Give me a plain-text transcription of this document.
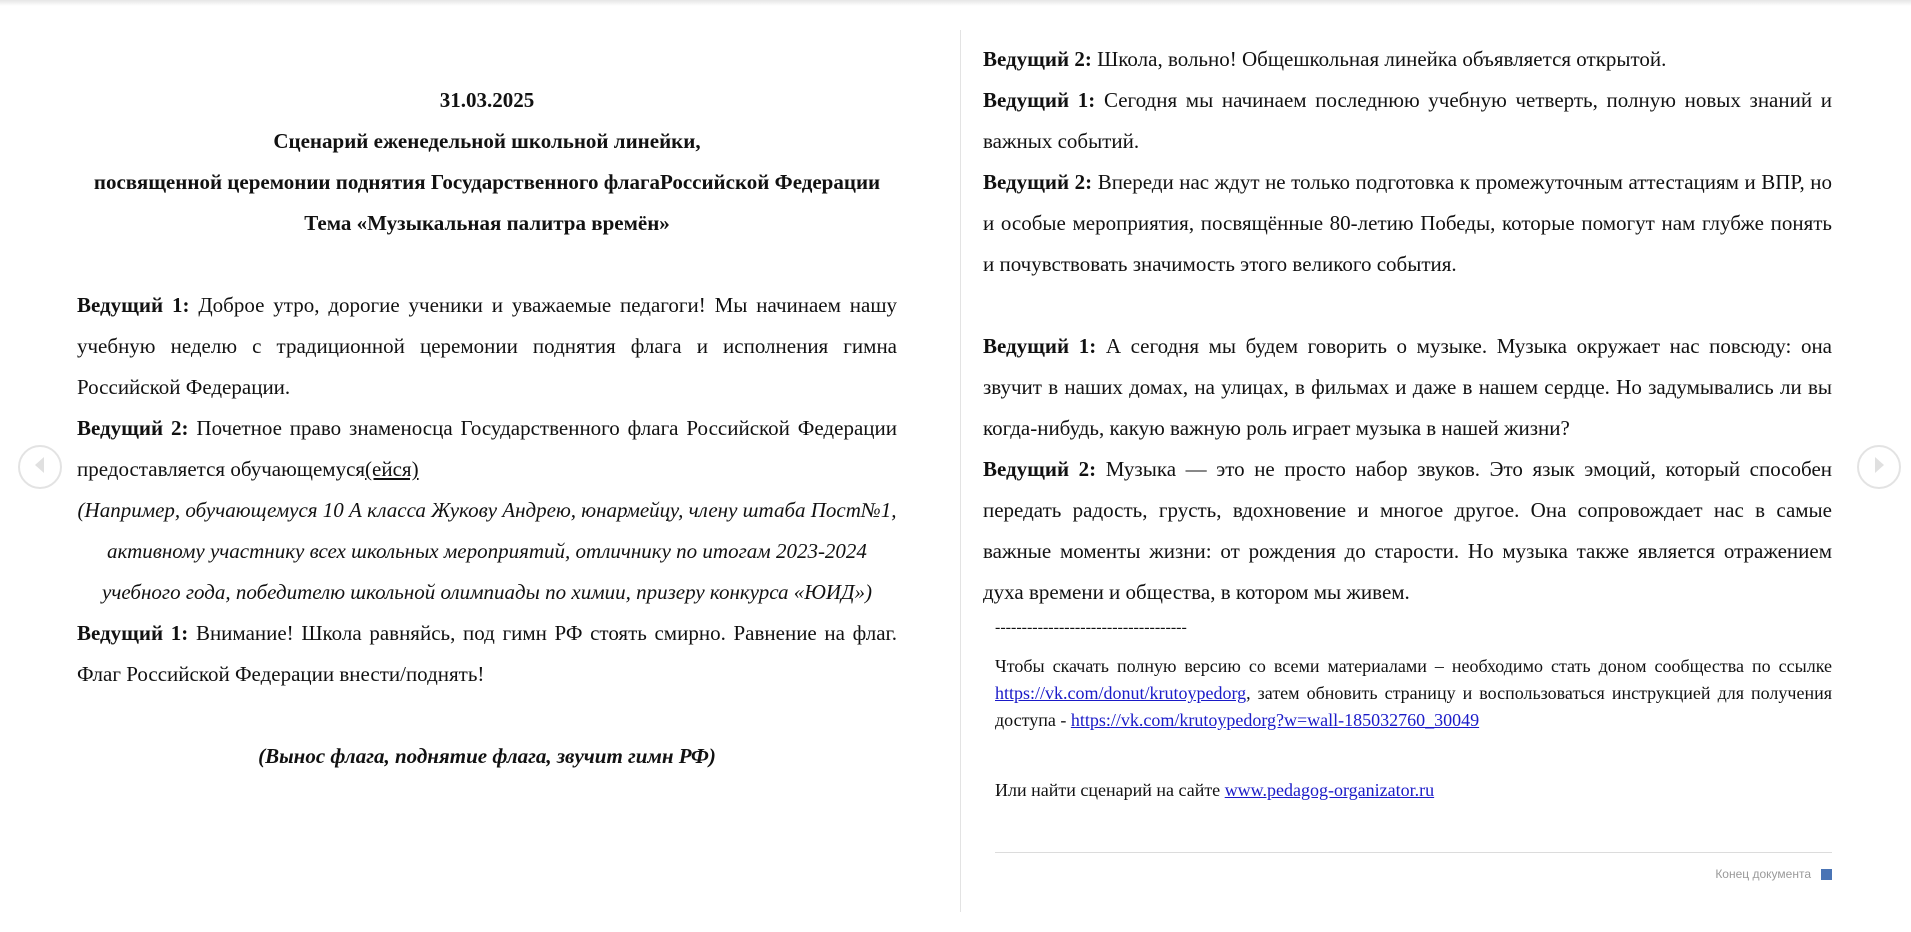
31.03.2025

Сценарий еженедельной школьной линейки,

посвященной церемонии поднятия Государственного флагаРоссийской Федерации

Тема «Музыкальная палитра времён»

Ведущий 1: Доброе утро, дорогие ученики и уважаемые педагоги! Мы начинаем нашу учебную неделю с традиционной церемонии поднятия флага и исполнения гимна Российской Федерации.

Ведущий 2: Почетное право знаменосца Государственного флага Российской Федерации предоставляется обучающемуся(ейся)

(Например, обучающемуся 10 А класса Жукову Андрею, юнармейцу, члену штаба Пост№1, активному участнику всех школьных мероприятий, отличнику по итогам 2023-2024 учебного года, победителю школьной олимпиады по химии, призеру конкурса «ЮИД»)

Ведущий 1: Внимание! Школа равняйсь, под гимн РФ стоять смирно. Равнение на флаг. Флаг Российской Федерации внести/поднять!

(Вынос флага, поднятие флага, звучит гимн РФ)

Ведущий 2: Школа, вольно! Общешкольная линейка объявляется открытой.

Ведущий 1: Сегодня мы начинаем последнюю учебную четверть, полную новых знаний и важных событий.

Ведущий 2: Впереди нас ждут не только подготовка к промежуточным аттестациям и ВПР, но и особые мероприятия, посвящённые 80-летию Победы, которые помогут нам глубже понять и почувствовать значимость этого великого события.

Ведущий 1: А сегодня мы будем говорить о музыке. Музыка окружает нас повсюду: она звучит в наших домах, на улицах, в фильмах и даже в нашем сердце. Но задумывались ли вы когда-нибудь, какую важную роль играет музыка в нашей жизни?

Ведущий 2: Музыка — это не просто набор звуков. Это язык эмоций, который способен передать радость, грусть, вдохновение и многое другое. Она сопровождает нас в самые важные моменты жизни: от рождения до старости. Но музыка также является отражением духа времени и общества, в котором мы живем.

------------------------------------

Чтобы скачать полную версию со всеми материалами – необходимо стать доном сообщества по ссылке https://vk.com/donut/krutoypedorg, затем обновить страницу и воспользоваться инструкцией для получения доступа - https://vk.com/krutoypedorg?w=wall-185032760_30049

Или найти сценарий на сайте www.pedagog-organizator.ru

Конец документа
